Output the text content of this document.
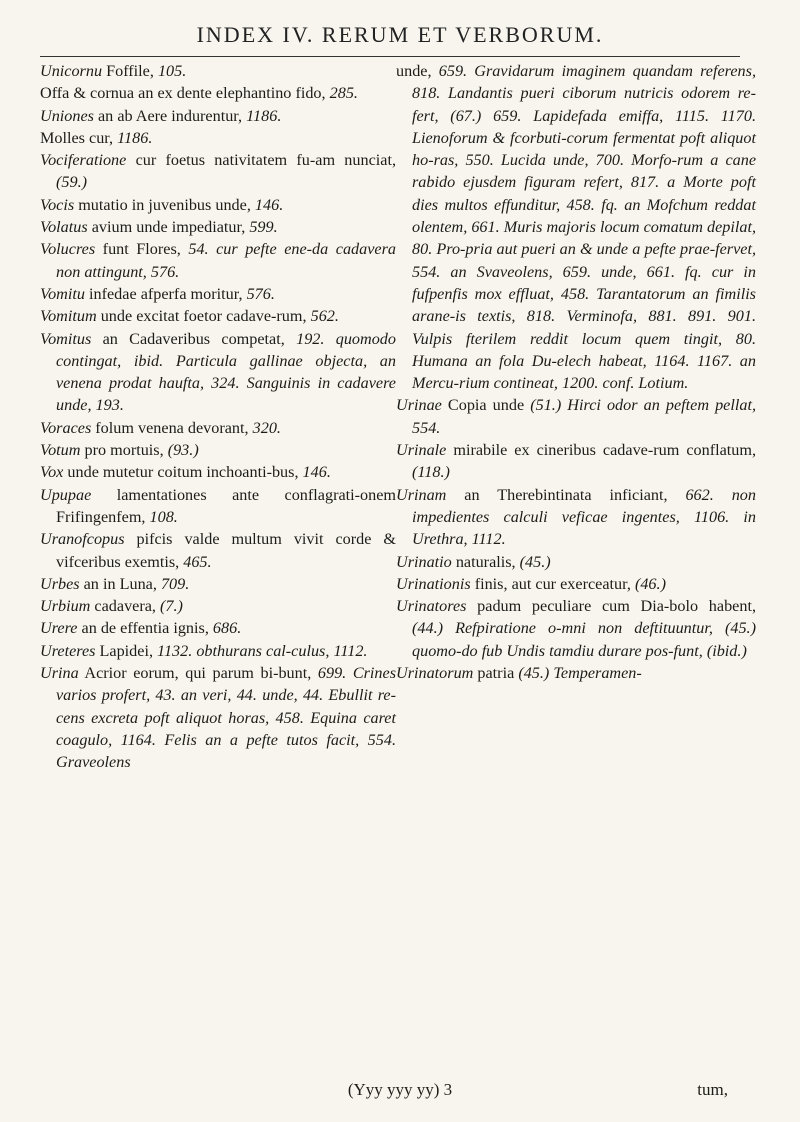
INDEX IV. RERUM ET VERBORUM.

Unicornu Foffile, 105.

Offa & cornua an ex dente elephantino fido, 285.

Uniones an ab Aere indurentur, 1186.

Molles cur, 1186.

Vociferatione cur foetus nativitatem fu-am nunciat, (59.)

Vocis mutatio in juvenibus unde, 146.

Volatus avium unde impediatur, 599.

Volucres funt Flores, 54. cur pefte ene-da cadavera non attingunt, 576.

Vomitu infedae afperfa moritur, 576.

Vomitum unde excitat foetor cadave-rum, 562.

Vomitus an Cadaveribus competat, 192. quomodo contingat, ibid. Particula gallinae objecta, an venena prodat haufta, 324. Sanguinis in cadavere unde, 193.

Voraces folum venena devorant, 320.

Votum pro mortuis, (93.)

Vox unde mutetur coitum inchoanti-bus, 146.

Upupae lamentationes ante conflagrati-onem Frifingenfem, 108.

Uranofcopus pifcis valde multum vivit corde & vifceribus exemtis, 465.

Urbes an in Luna, 709.

Urbium cadavera, (7.)

Urere an de effentia ignis, 686.

Ureteres Lapidei, 1132. obthurans cal-culus, 1112.

Urina Acrior eorum, qui parum bi-bunt, 699. Crines varios profert, 43. an veri, 44. unde, 44. Ebullit re-cens excreta poft aliquot horas, 458. Equina caret coagulo, 1164. Felis an a pefte tutos facit, 554. Graveolens

unde, 659. Gravidarum imaginem quandam referens, 818. Landantis pueri ciborum nutricis odorem re-fert, (67.) 659. Lapidefada emiffa, 1115. 1170. Lienoforum & fcorbuti-corum fermentat poft aliquot ho-ras, 550. Lucida unde, 700. Morfo-rum a cane rabido ejusdem figuram refert, 817. a Morte poft dies multos effunditur, 458. fq. an Mofchum reddat olentem, 661. Muris majoris locum comatum depilat, 80. Pro-pria aut pueri an & unde a pefte prae-fervet, 554. an Svaveolens, 659. unde, 661. fq. cur in fufpenfis mox effluat, 458. Tarantatorum an fimilis arane-is textis, 818. Verminofa, 881. 891. 901. Vulpis fterilem reddit locum quem tingit, 80. Humana an fola Du-elech habeat, 1164. 1167. an Mercu-rium contineat, 1200. conf. Lotium.

Urinae Copia unde (51.) Hirci odor an peftem pellat, 554.

Urinale mirabile ex cineribus cadave-rum conflatum, (118.)

Urinam an Therebintinata inficiant, 662. non impedientes calculi veficae ingentes, 1106. in Urethra, 1112.

Urinatio naturalis, (45.)

Urinationis finis, aut cur exerceatur, (46.)

Urinatores padum peculiare cum Dia-bolo habent, (44.) Refpiratione o-mni non deftituuntur, (45.) quomo-do fub Undis tamdiu durare pos-funt, (ibid.)

Urinatorum patria (45.) Temperamen-

(Yyy yyy yy) 3	tum,
